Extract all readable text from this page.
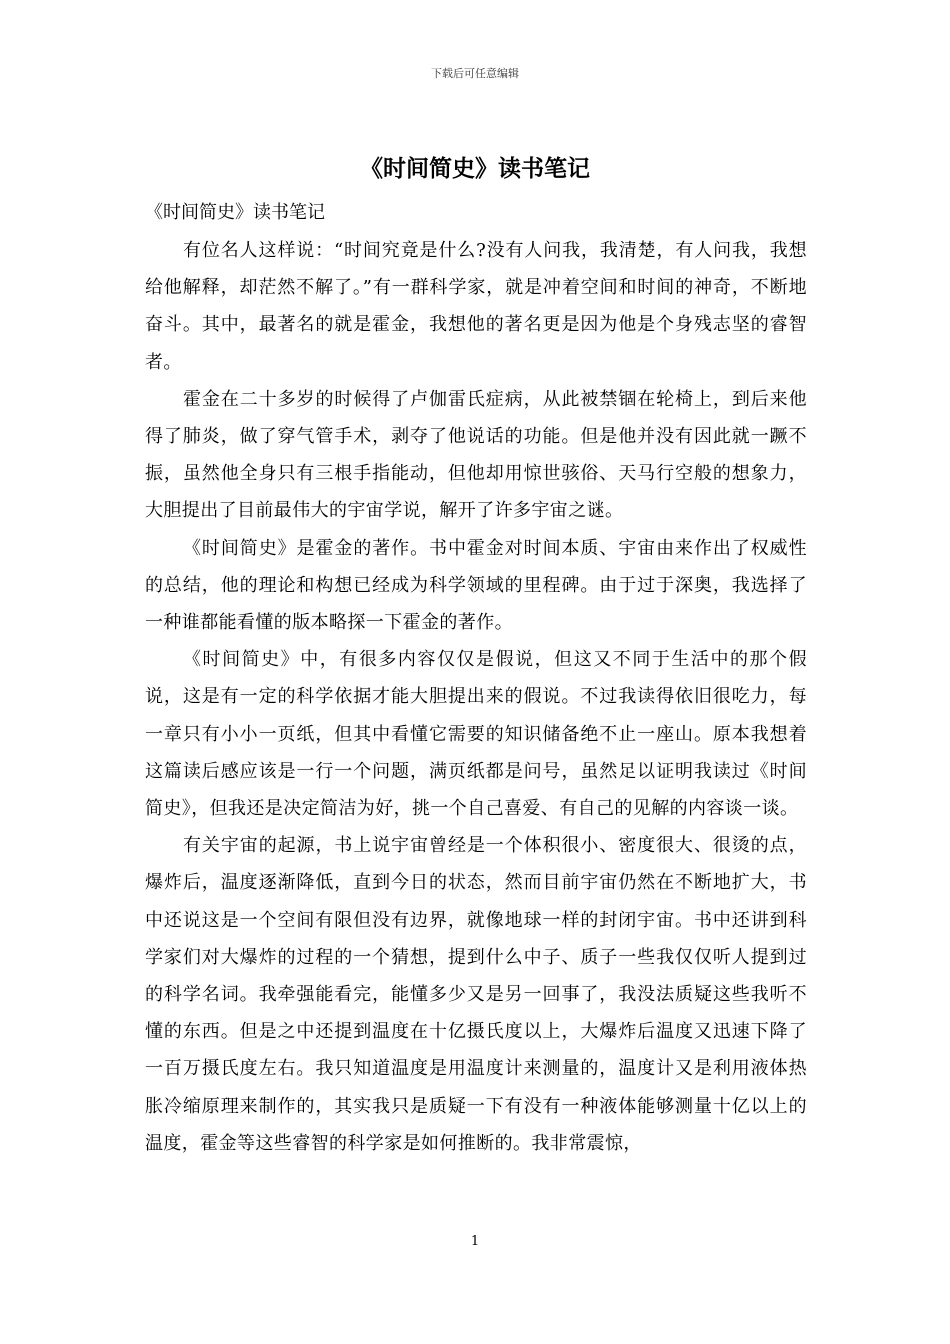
下载后可任意编辑
《时间简史》读书笔记
《时间简史》读书笔记

有位名人这样说：“时间究竟是什么?没有人问我，我清楚，有人问我，我想给他解释，却茫然不解了。”有一群科学家，就是冲着空间和时间的神奇，不断地奋斗。其中，最著名的就是霍金，我想他的著名更是因为他是个身残志坚的睿智者。

霍金在二十多岁的时候得了卢伽雷氏症病，从此被禁锢在轮椅上，到后来他得了肺炎，做了穿气管手术，剥夺了他说话的功能。但是他并没有因此就一蹶不振，虽然他全身只有三根手指能动，但他却用惊世骇俗、天马行空般的想象力，大胆提出了目前最伟大的宇宙学说，解开了许多宇宙之谜。

《时间简史》是霍金的著作。书中霍金对时间本质、宇宙由来作出了权威性的总结，他的理论和构想已经成为科学领域的里程碑。由于过于深奥，我选择了一种谁都能看懂的版本略探一下霍金的著作。

《时间简史》中，有很多内容仅仅是假说，但这又不同于生活中的那个假说，这是有一定的科学依据才能大胆提出来的假说。不过我读得依旧很吃力，每一章只有小小一页纸，但其中看懂它需要的知识储备绝不止一座山。原本我想着这篇读后感应该是一行一个问题，满页纸都是问号，虽然足以证明我读过《时间简史》，但我还是决定简洁为好，挑一个自己喜爱、有自己的见解的内容谈一谈。

有关宇宙的起源，书上说宇宙曾经是一个体积很小、密度很大、很烫的点，爆炸后，温度逐渐降低，直到今日的状态，然而目前宇宙仍然在不断地扩大，书中还说这是一个空间有限但没有边界，就像地球一样的封闭宇宙。书中还讲到科学家们对大爆炸的过程的一个猜想，提到什么中子、质子一些我仅仅听人提到过的科学名词。我牵强能看完，能懂多少又是另一回事了，我没法质疑这些我听不懂的东西。但是之中还提到温度在十亿摄氏度以上，大爆炸后温度又迅速下降了一百万摄氏度左右。我只知道温度是用温度计来测量的，温度计又是利用液体热胀冷缩原理来制作的，其实我只是质疑一下有没有一种液体能够测量十亿以上的温度，霍金等这些睿智的科学家是如何推断的。我非常震惊，

1
